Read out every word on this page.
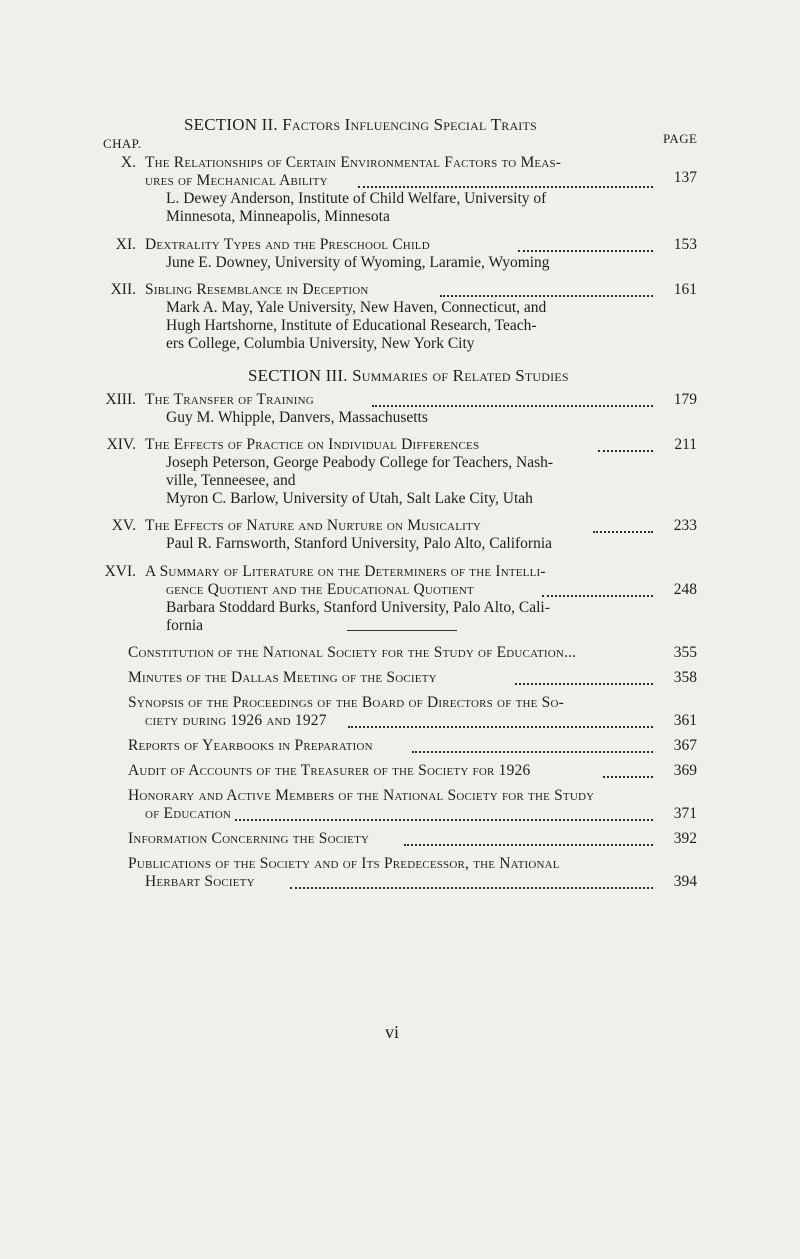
SECTION II. Factors Influencing Special Traits
CHAP.	PAGE
X. The Relationships of Certain Environmental Factors to Meas-
ures of Mechanical Ability	137
L. Dewey Anderson, Institute of Child Welfare, University of
Minnesota, Minneapolis, Minnesota
XI. Dextrality Types and the Preschool Child	153
June E. Downey, University of Wyoming, Laramie, Wyoming
XII. Sibling Resemblance in Deception	161
Mark A. May, Yale University, New Haven, Connecticut, and
Hugh Hartshorne, Institute of Educational Research, Teach-
ers College, Columbia University, New York City
SECTION III. Summaries of Related Studies
XIII. The Transfer of Training	179
Guy M. Whipple, Danvers, Massachusetts
XIV. The Effects of Practice on Individual Differences	211
Joseph Peterson, George Peabody College for Teachers, Nash-
ville, Tenneesee, and
Myron C. Barlow, University of Utah, Salt Lake City, Utah
XV. The Effects of Nature and Nurture on Musicality	233
Paul R. Farnsworth, Stanford University, Palo Alto, California
XVI. A Summary of Literature on the Determiners of the Intelli-
gence Quotient and the Educational Quotient	248
Barbara Stoddard Burks, Stanford University, Palo Alto, Cali-
fornia
Constitution of the National Society for the Study of Education...	355
Minutes of the Dallas Meeting of the Society	358
Synopsis of the Proceedings of the Board of Directors of the So-
ciety during 1926 and 1927	361
Reports of Yearbooks in Preparation	367
Audit of Accounts of the Treasurer of the Society for 1926	369
Honorary and Active Members of the National Society for the Study
of Education	371
Information Concerning the Society	392
Publications of the Society and of Its Predecessor, the National
Herbart Society	394
vi
